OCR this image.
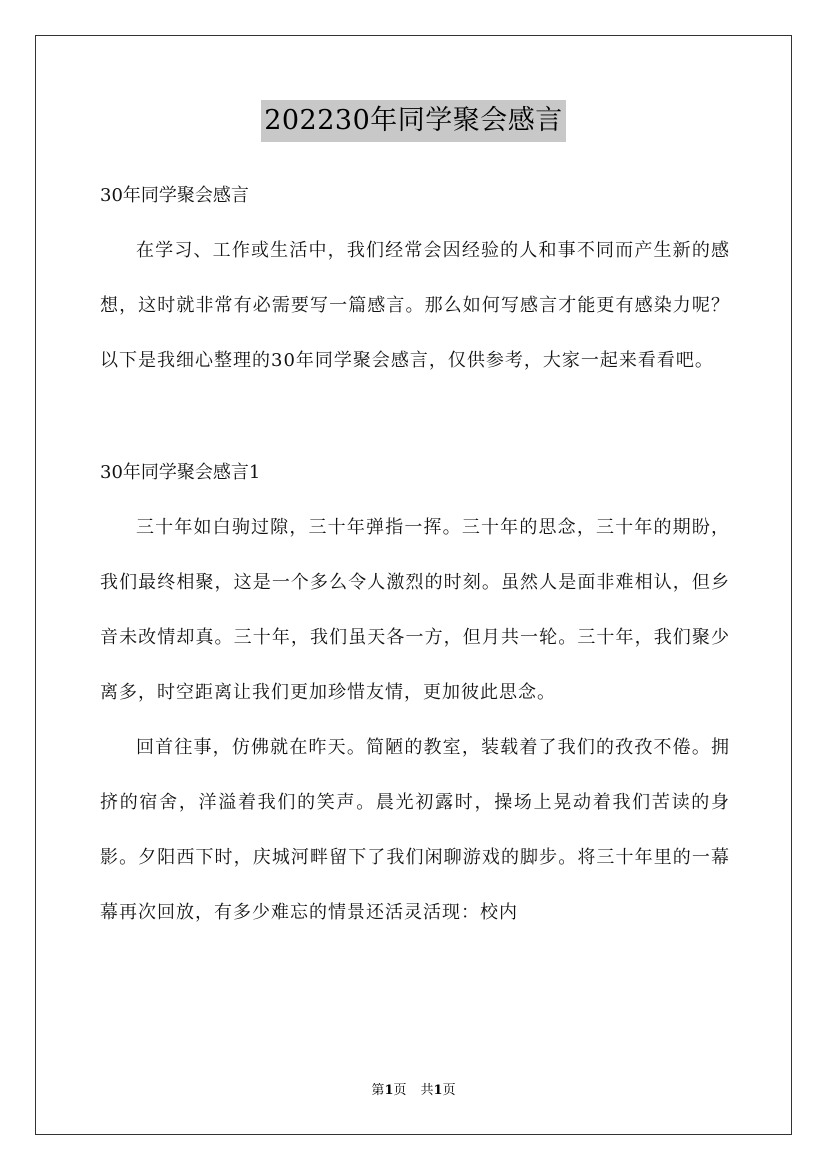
202230年同学聚会感言

30年同学聚会感言

在学习、工作或生活中，我们经常会因经验的人和事不同而产生新的感想，这时就非常有必需要写一篇感言。那么如何写感言才能更有感染力呢？以下是我细心整理的30年同学聚会感言，仅供参考，大家一起来看看吧。

30年同学聚会感言1

三十年如白驹过隙，三十年弹指一挥。三十年的思念，三十年的期盼，我们最终相聚，这是一个多么令人激烈的时刻。虽然人是面非难相认，但乡音未改情却真。三十年，我们虽天各一方，但月共一轮。三十年，我们聚少离多，时空距离让我们更加珍惜友情，更加彼此思念。

回首往事，仿佛就在昨天。简陋的教室，装载着了我们的孜孜不倦。拥挤的宿舍，洋溢着我们的笑声。晨光初露时，操场上晃动着我们苦读的身影。夕阳西下时，庆城河畔留下了我们闲聊游戏的脚步。将三十年里的一幕幕再次回放，有多少难忘的情景还活灵活现：校内

第1页 共1页
